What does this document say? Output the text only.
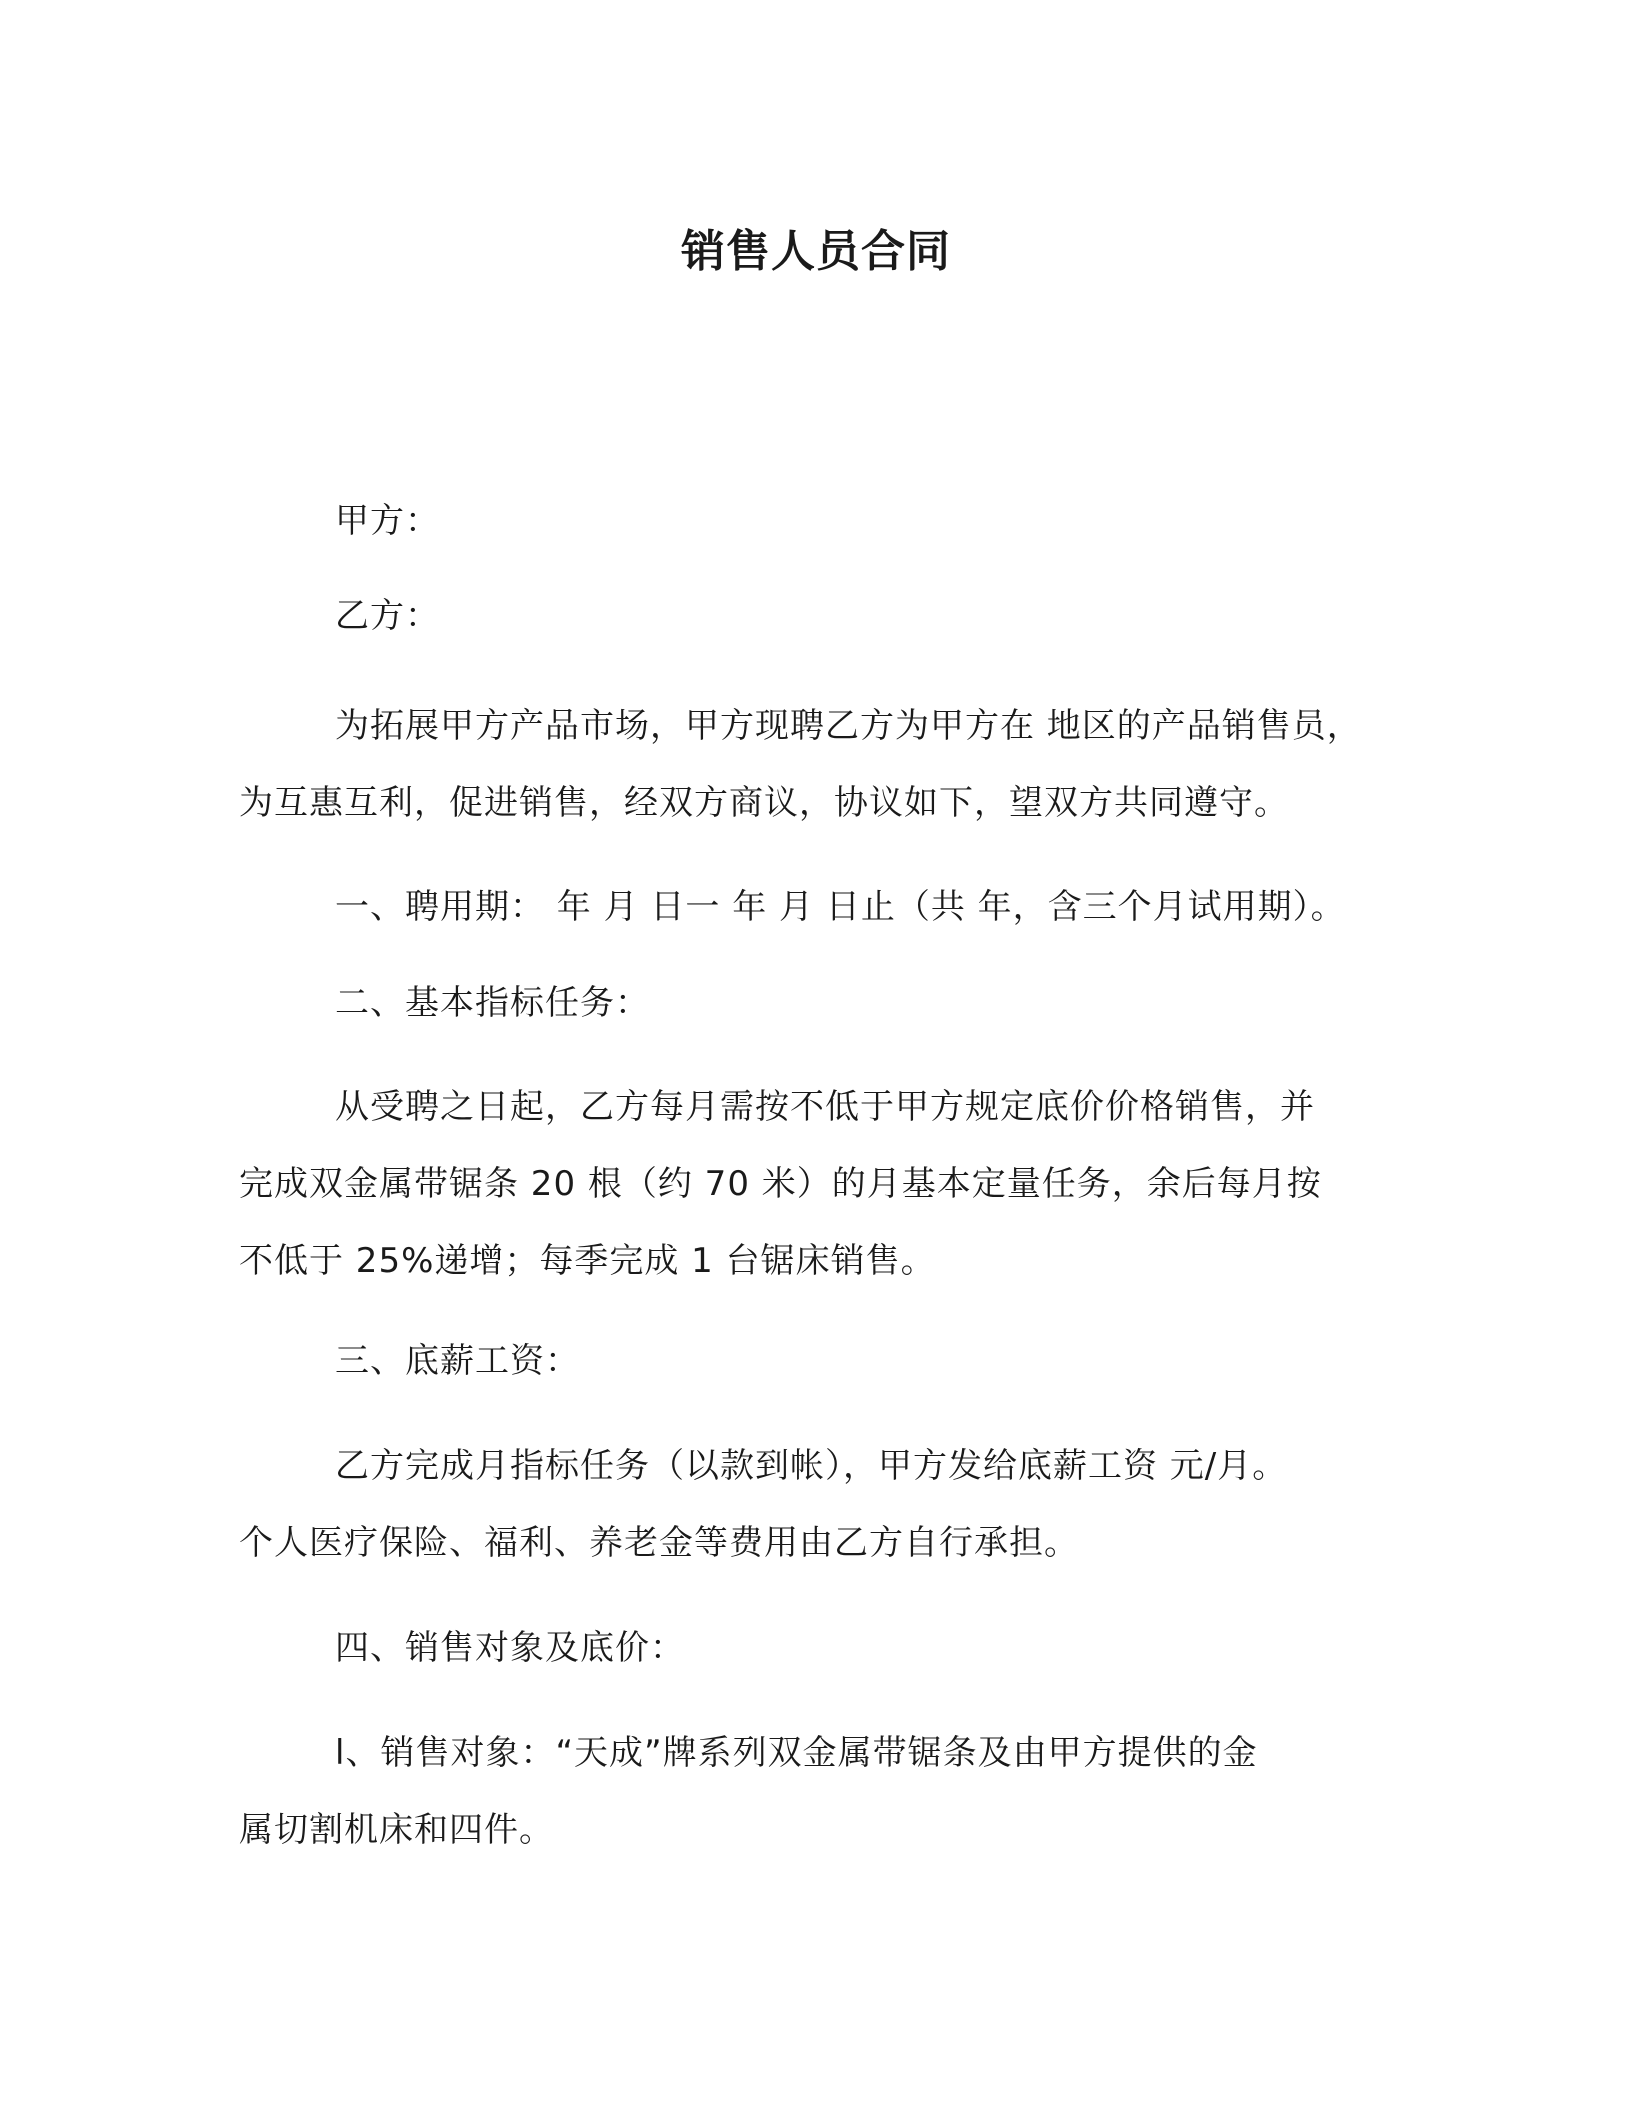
销售人员合同
甲方：
乙方：
为拓展甲方产品市场，甲方现聘乙方为甲方在 地区的产品销售员，
为互惠互利，促进销售，经双方商议，协议如下，望双方共同遵守。
一、聘用期： 年 月 日一 年 月 日止（共 年，含三个月试用期）。
二、基本指标任务：
从受聘之日起，乙方每月需按不低于甲方规定底价价格销售，并
完成双金属带锯条 20 根（约 70 米）的月基本定量任务，余后每月按
不低于 25%递增；每季完成 1 台锯床销售。
三、底薪工资：
乙方完成月指标任务（以款到帐），甲方发给底薪工资 元/月。
个人医疗保险、福利、养老金等费用由乙方自行承担。
四、销售对象及底价：
l、销售对象：“天成”牌系列双金属带锯条及由甲方提供的金
属切割机床和四件。
